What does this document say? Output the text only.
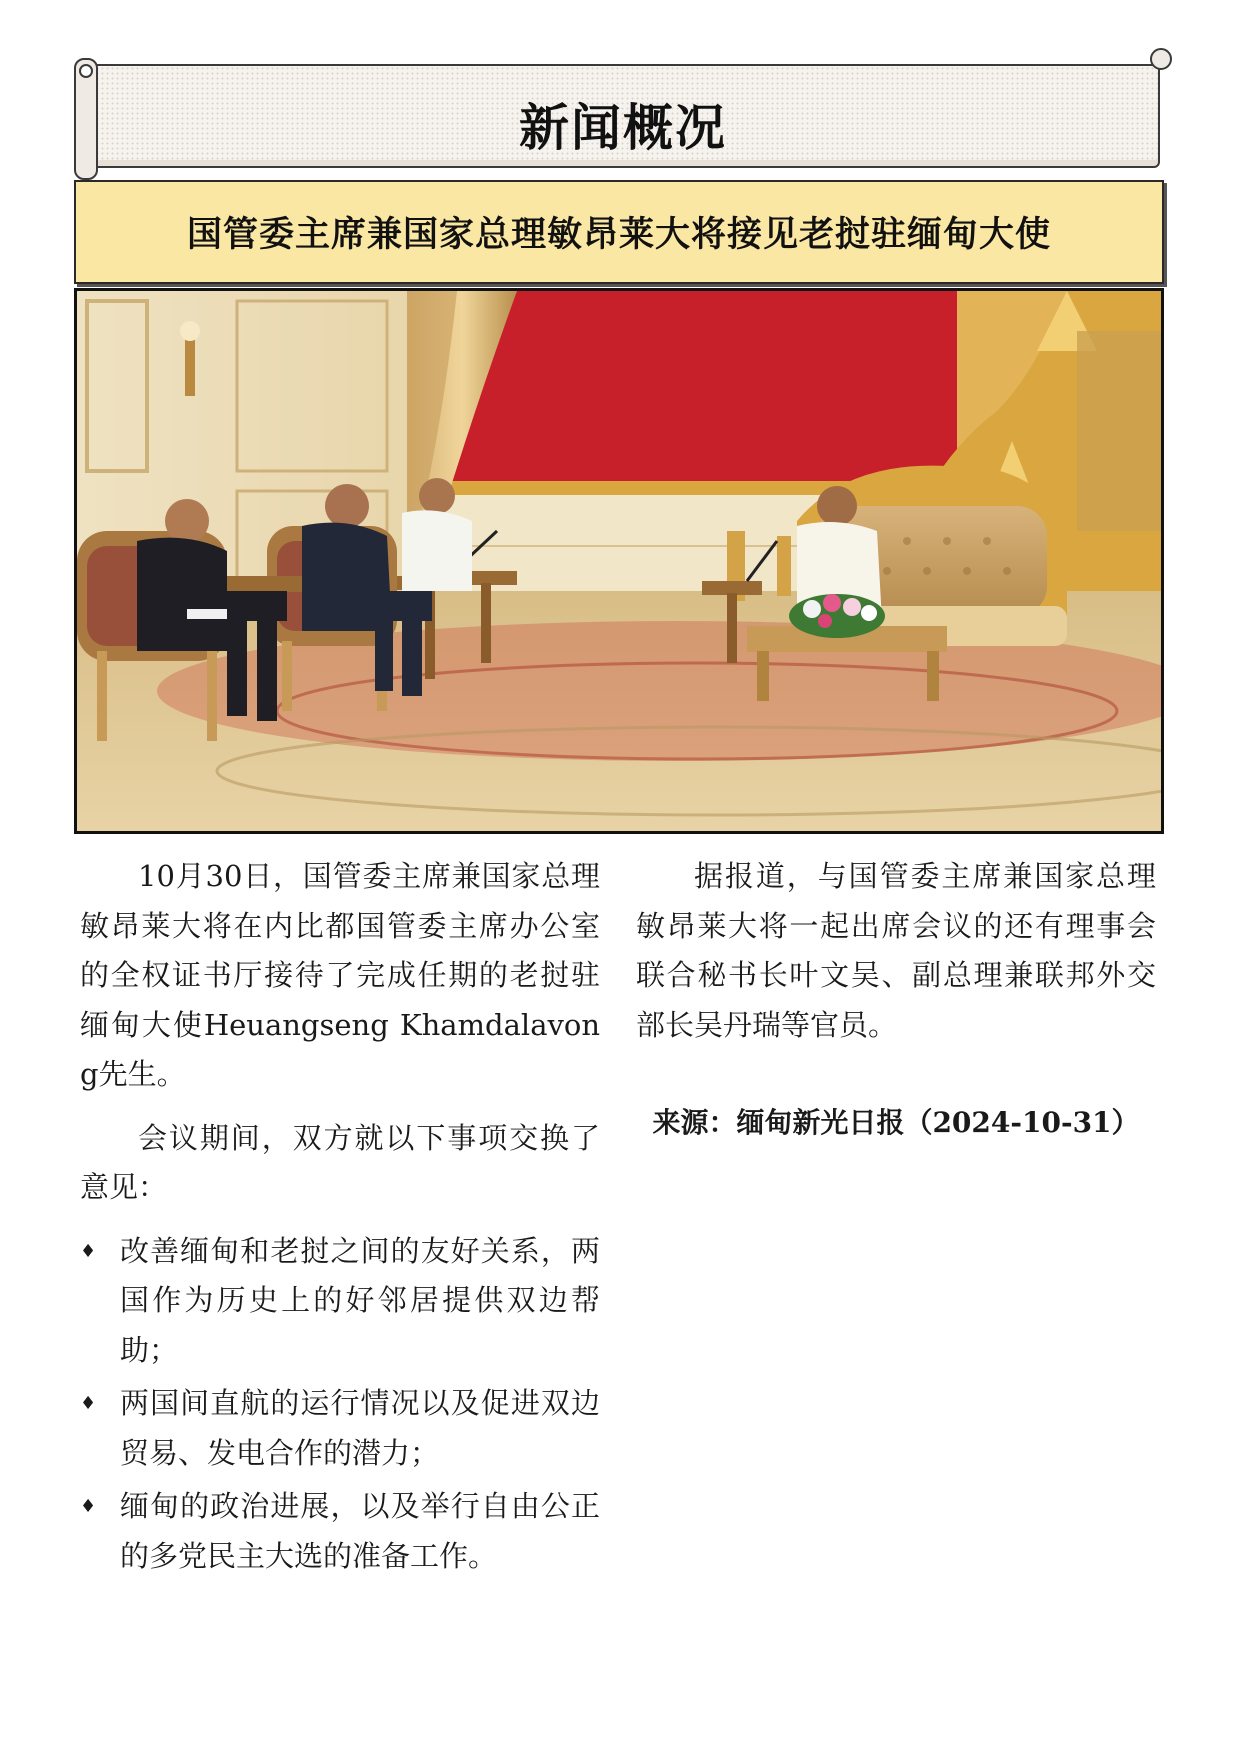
新闻概况
国管委主席兼国家总理敏昂莱大将接见老挝驻缅甸大使

10月30日，国管委主席兼国家总理敏昂莱大将在内比都国管委主席办公室的全权证书厅接待了完成任期的老挝驻缅甸大使Heuangseng Khamdalavong先生。

会议期间，双方就以下事项交换了意见：

♦ 改善缅甸和老挝之间的友好关系，两国作为历史上的好邻居提供双边帮助；
♦ 两国间直航的运行情况以及促进双边贸易、发电合作的潜力；
♦ 缅甸的政治进展，以及举行自由公正的多党民主大选的准备工作。

据报道，与国管委主席兼国家总理敏昂莱大将一起出席会议的还有理事会联合秘书长叶文吴、副总理兼联邦外交部长吴丹瑞等官员。

来源：缅甸新光日报（2024-10-31）
